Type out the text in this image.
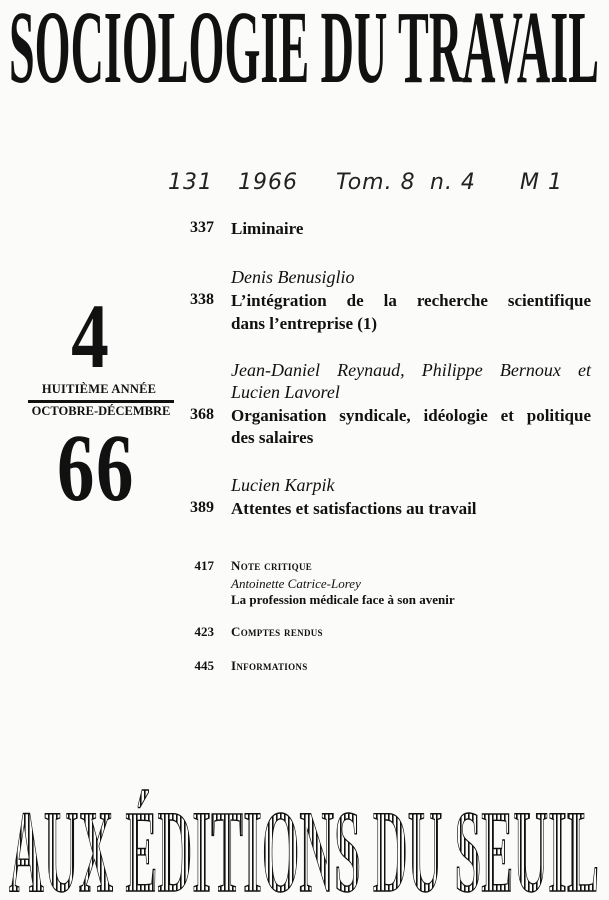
SOCIOLOGIE DU TRAVAIL
131 1966 Tom. 8 n. 4 M 1
4
HUITIÈME ANNÉE
OCTOBRE-DÉCEMBRE
66
337 Liminaire
Denis Benusiglio
338 L’intégration de la recherche scientifique
dans l’entreprise (1)
Jean-Daniel Reynaud, Philippe Bernoux et
Lucien Lavorel
368 Organisation syndicale, idéologie et politique
des salaires
Lucien Karpik
389 Attentes et satisfactions au travail
417 Note critique
Antoinette Catrice-Lorey
La profession médicale face à son avenir
423 Comptes rendus
445 Informations
AUX ÉDITIONS DU SEUIL
